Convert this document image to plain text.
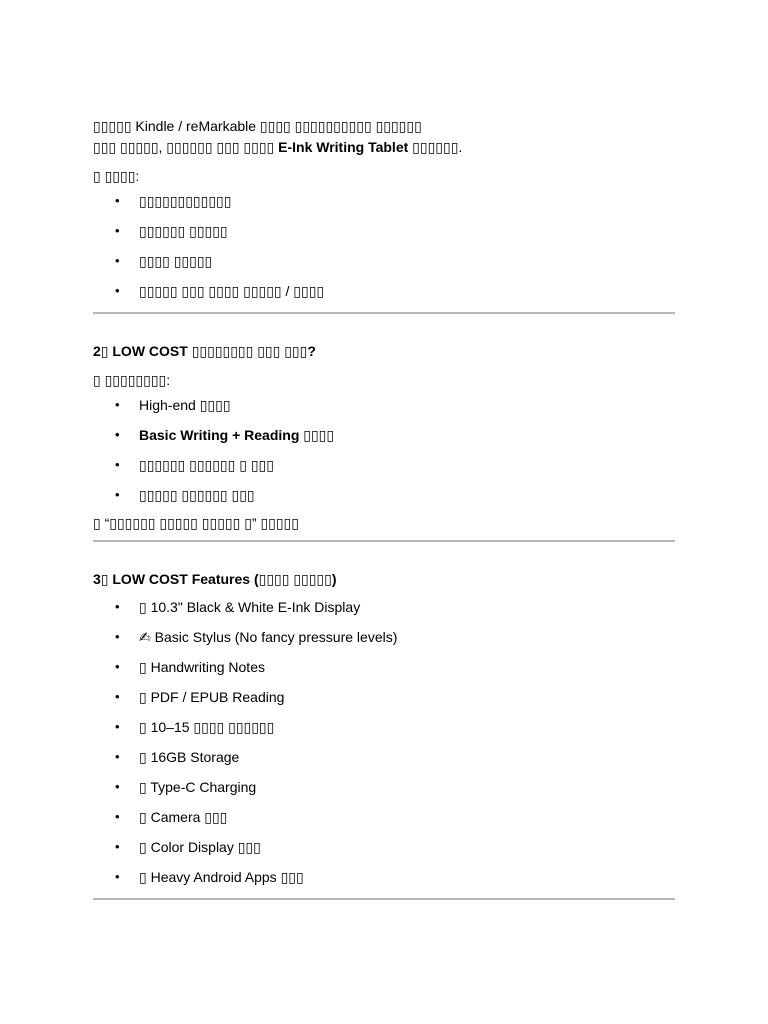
▯▯▯▯▯ Kindle / reMarkable ▯▯▯▯ ▯▯▯▯▯▯▯▯▯▯ ▯▯▯▯▯▯
▯▯▯ ▯▯▯▯▯, ▯▯▯▯▯▯ ▯▯▯ ▯▯▯▯ E-Ink Writing Tablet ▯▯▯▯▯▯.

▯ ▯▯▯▯:

• ▯▯▯▯▯▯▯▯▯▯▯▯
• ▯▯▯▯▯▯ ▯▯▯▯▯
• ▯▯▯▯ ▯▯▯▯▯
• ▯▯▯▯▯ ▯▯▯ ▯▯▯▯ ▯▯▯▯▯ / ▯▯▯▯

2▯ LOW COST ▯▯▯▯▯▯▯▯ ▯▯▯ ▯▯▯?

▯ ▯▯▯▯▯▯▯▯:

• High-end ▯▯▯▯
• Basic Writing + Reading ▯▯▯▯
• ▯▯▯▯▯▯ ▯▯▯▯▯▯ ▯ ▯▯▯
• ▯▯▯▯▯ ▯▯▯▯▯▯ ▯▯▯

▯ “▯▯▯▯▯▯ ▯▯▯▯▯ ▯▯▯▯▯ ▯” ▯▯▯▯▯

3▯ LOW COST Features (▯▯▯▯ ▯▯▯▯▯)

• ▯ 10.3" Black & White E-Ink Display
• ✍ Basic Stylus (No fancy pressure levels)
• ▯ Handwriting Notes
• ▯ PDF / EPUB Reading
• ▯ 10–15 ▯▯▯▯ ▯▯▯▯▯▯
• ▯ 16GB Storage
• ▯ Type-C Charging
• ▯ Camera ▯▯▯
• ▯ Color Display ▯▯▯
• ▯ Heavy Android Apps ▯▯▯
